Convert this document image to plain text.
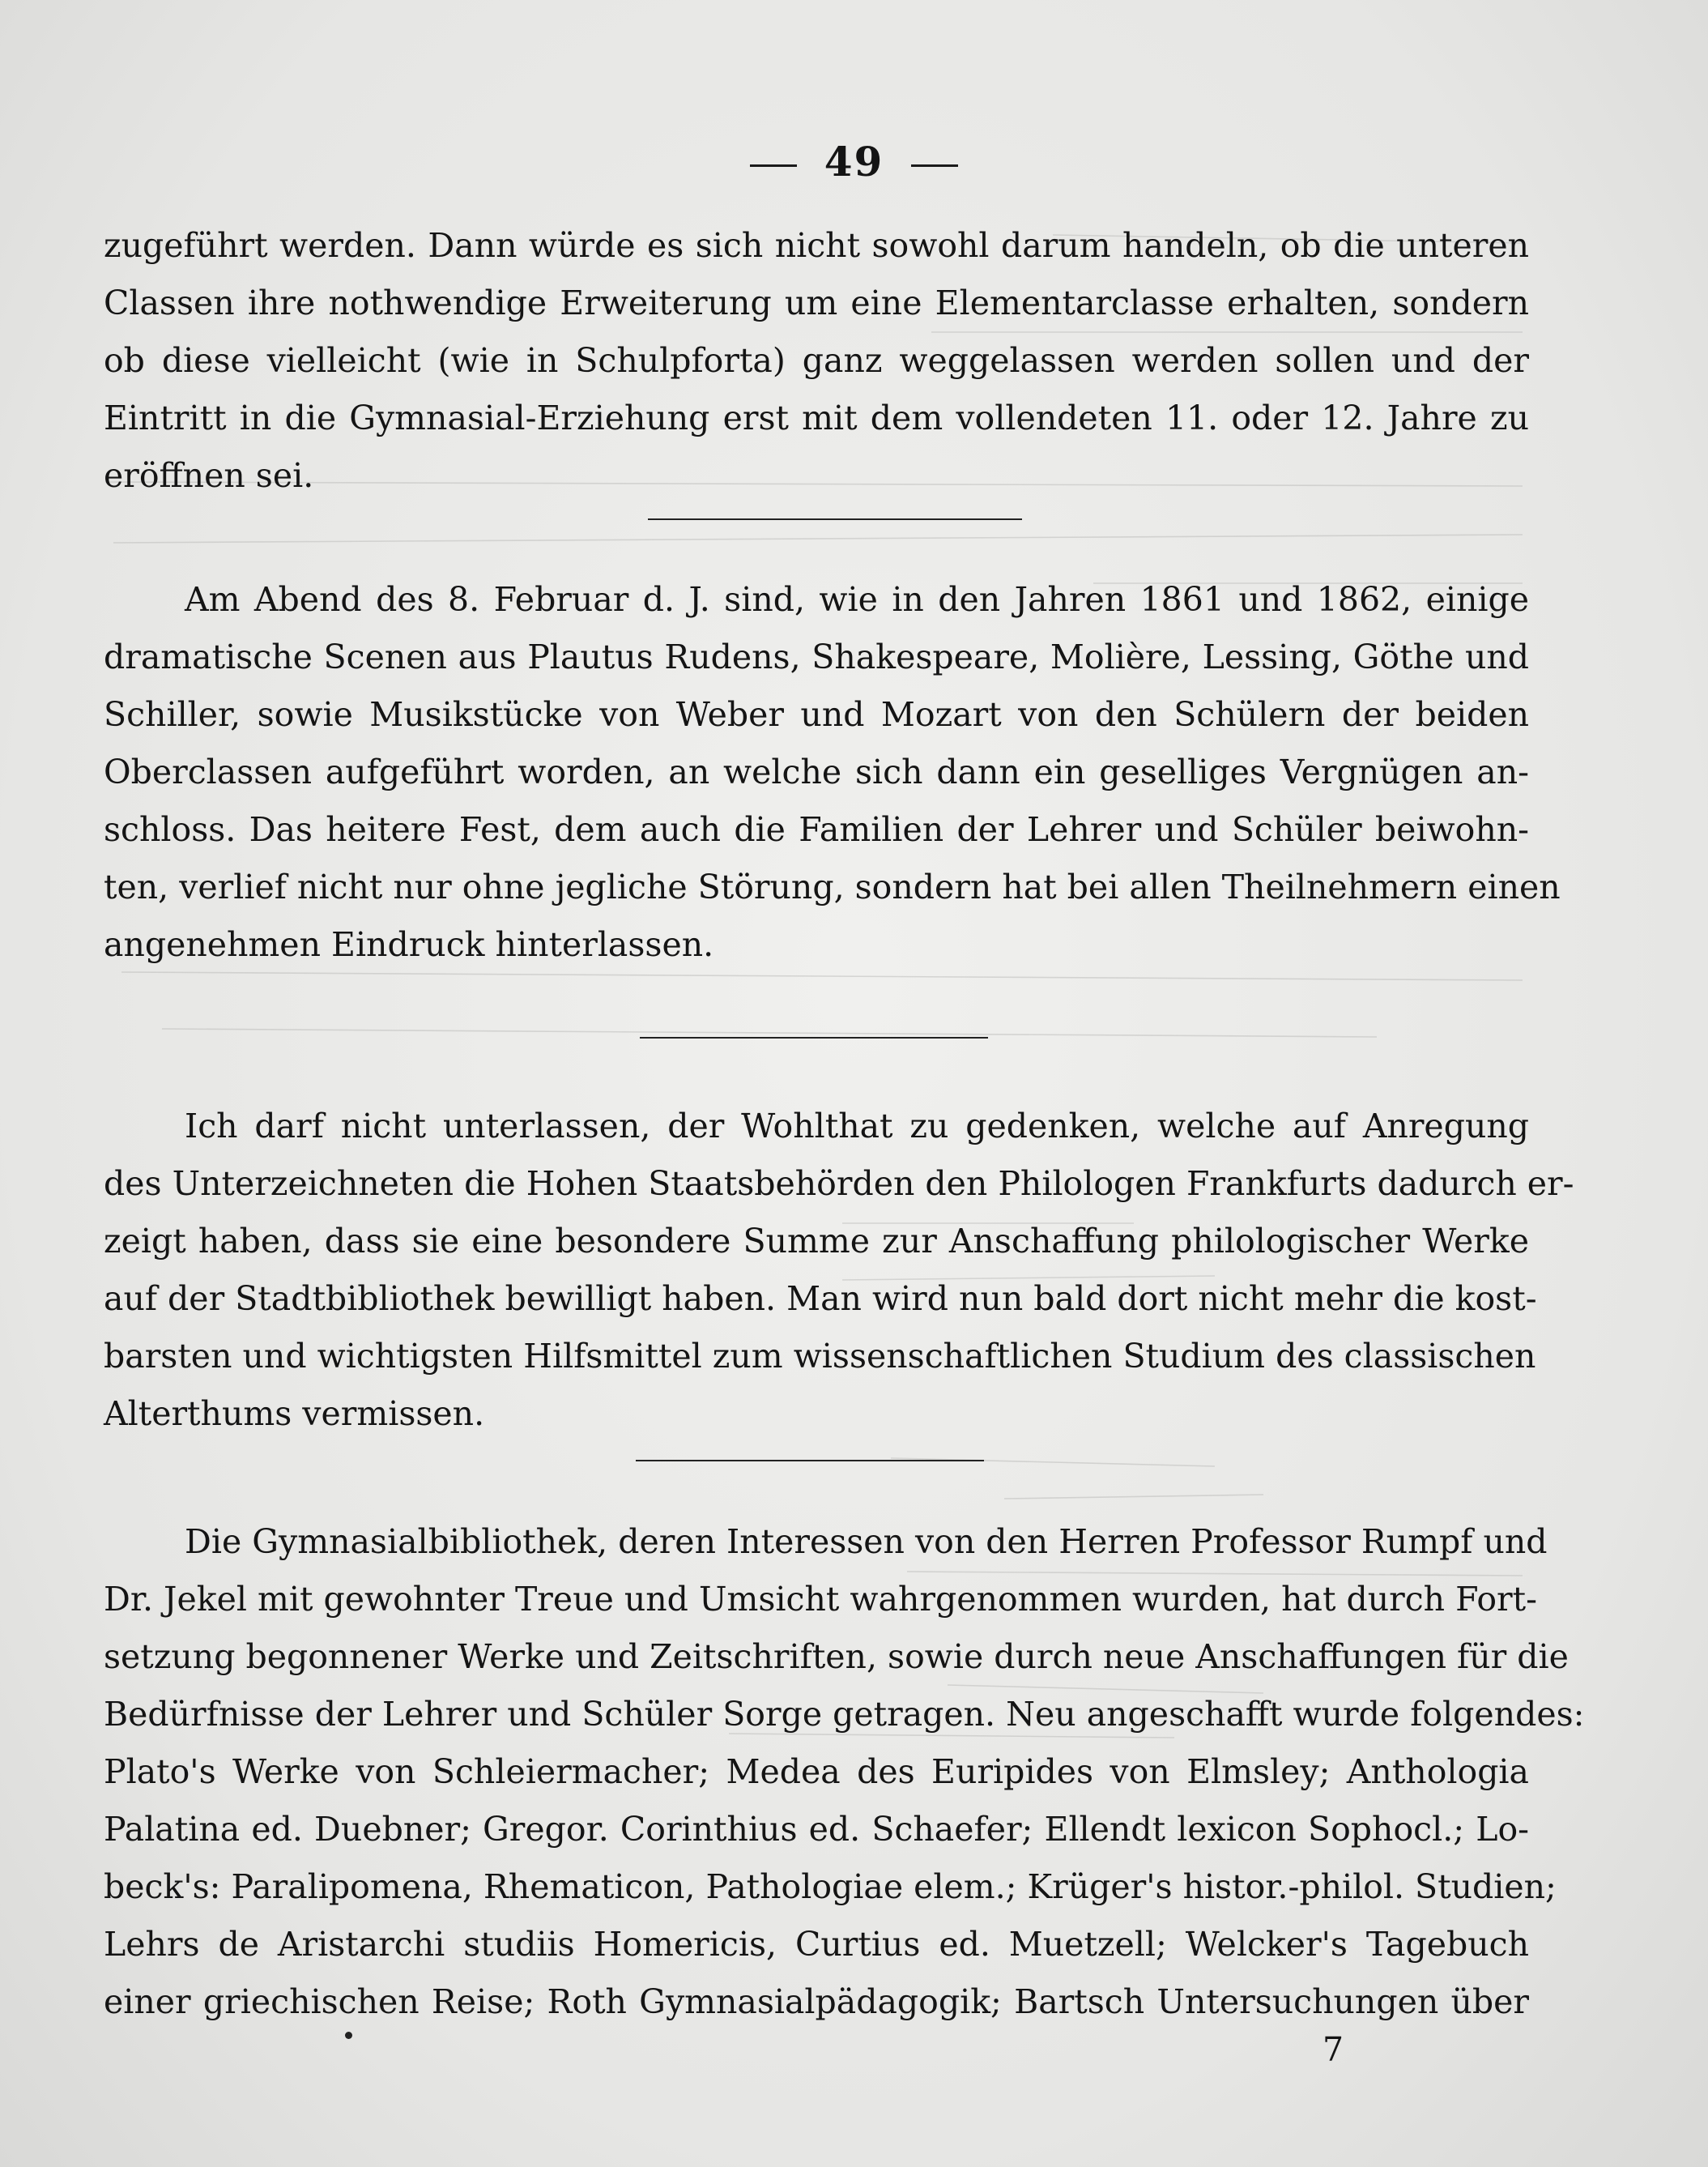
49
zugeführt werden. Dann würde es sich nicht sowohl darum handeln, ob die unteren
Classen ihre nothwendige Erweiterung um eine Elementarclasse erhalten, sondern
ob diese vielleicht (wie in Schulpforta) ganz weggelassen werden sollen und der
Eintritt in die Gymnasial-Erziehung erst mit dem vollendeten 11. oder 12. Jahre zu
eröffnen sei.
Am Abend des 8. Februar d. J. sind, wie in den Jahren 1861 und 1862, einige
dramatische Scenen aus Plautus Rudens, Shakespeare, Molière, Lessing, Göthe und
Schiller, sowie Musikstücke von Weber und Mozart von den Schülern der beiden
Oberclassen aufgeführt worden, an welche sich dann ein geselliges Vergnügen an-
schloss. Das heitere Fest, dem auch die Familien der Lehrer und Schüler beiwohn-
ten, verlief nicht nur ohne jegliche Störung, sondern hat bei allen Theilnehmern einen
angenehmen Eindruck hinterlassen.
Ich darf nicht unterlassen, der Wohlthat zu gedenken, welche auf Anregung
des Unterzeichneten die Hohen Staatsbehörden den Philologen Frankfurts dadurch er-
zeigt haben, dass sie eine besondere Summe zur Anschaffung philologischer Werke
auf der Stadtbibliothek bewilligt haben. Man wird nun bald dort nicht mehr die kost-
barsten und wichtigsten Hilfsmittel zum wissenschaftlichen Studium des classischen
Alterthums vermissen.
Die Gymnasialbibliothek, deren Interessen von den Herren Professor Rumpf und
Dr. Jekel mit gewohnter Treue und Umsicht wahrgenommen wurden, hat durch Fort-
setzung begonnener Werke und Zeitschriften, sowie durch neue Anschaffungen für die
Bedürfnisse der Lehrer und Schüler Sorge getragen. Neu angeschafft wurde folgendes:
Plato's Werke von Schleiermacher; Medea des Euripides von Elmsley; Anthologia
Palatina ed. Duebner; Gregor. Corinthius ed. Schaefer; Ellendt lexicon Sophocl.; Lo-
beck's: Paralipomena, Rhematicon, Pathologiae elem.; Krüger's histor.-philol. Studien;
Lehrs de Aristarchi studiis Homericis, Curtius ed. Muetzell; Welcker's Tagebuch
einer griechischen Reise; Roth Gymnasialpädagogik; Bartsch Untersuchungen über
7
